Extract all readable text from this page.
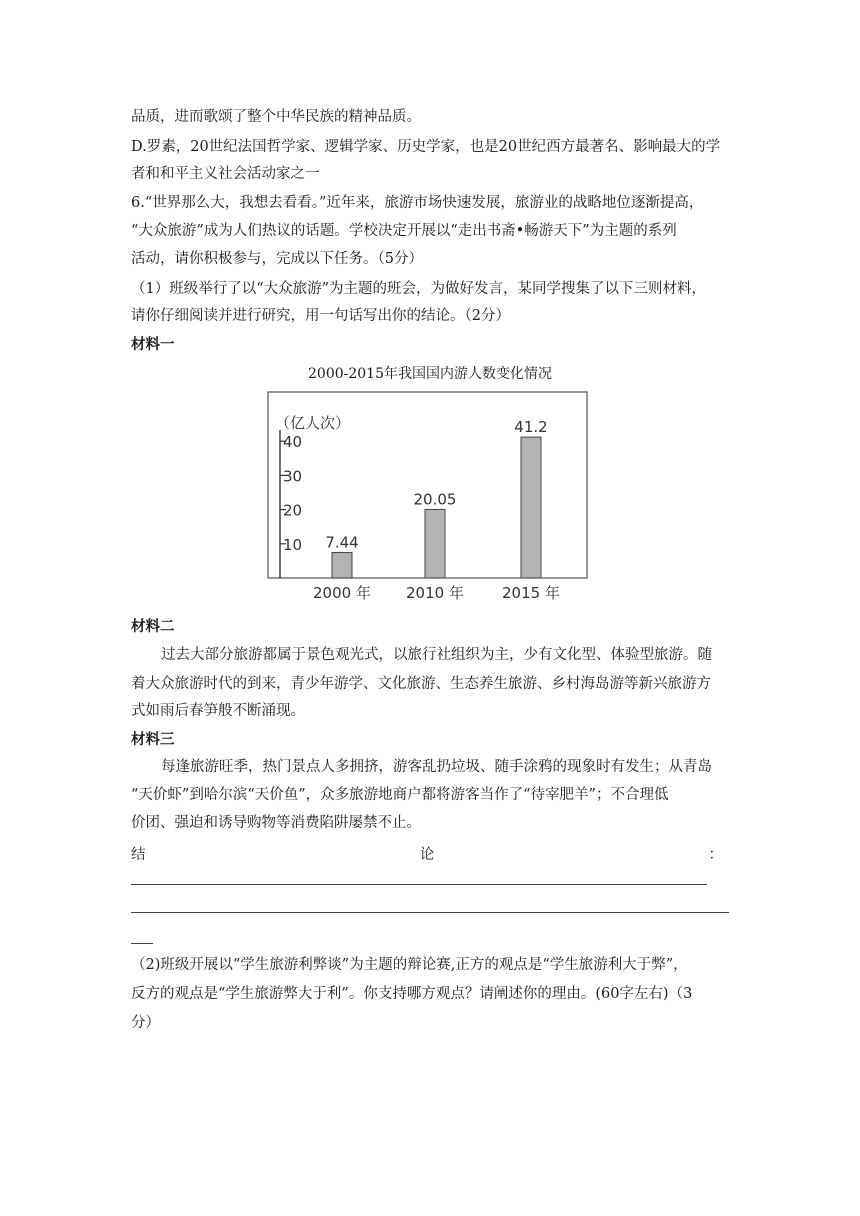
品质，进而歌颂了整个中华民族的精神品质。
D.罗素，20世纪法国哲学家、逻辑学家、历史学家，也是20世纪西方最著名、影响最大的学
者和和平主义社会活动家之一
6.“世界那么大，我想去看看。”近年来，旅游市场快速发展，旅游业的战略地位逐渐提高，
“大众旅游”成为人们热议的话题。学校决定开展以“走出书斋•畅游天下”为主题的系列
活动，请你积极参与，完成以下任务。（5分）
（1）班级举行了以“大众旅游”为主题的班会，为做好发言，某同学搜集了以下三则材料，
请你仔细阅读并进行研究，用一句话写出你的结论。（2分）
材料一
2000-2015年我国国内游人数变化情况
（亿人次）
10
20
30
40
7.44
20.05
41.2
2000 年 2010 年	2015 年
材料二
过去大部分旅游都属于景色观光式，以旅行社组织为主，少有文化型、体验型旅游。随
着大众旅游时代的到来，青少年游学、文化旅游、生态养生旅游、乡村海岛游等新兴旅游方
式如雨后春笋般不断涌现。
材料三
每逢旅游旺季，热门景点人多拥挤，游客乱扔垃圾、随手涂鸦的现象时有发生；从青岛
“天价虾”到哈尔滨“天价鱼”，众多旅游地商户都将游客当作了“待宰肥羊”；不合理低
价团、强迫和诱导购物等消费陷阱屡禁不止。
结	论	：
（2)班级开展以“学生旅游利弊谈”为主题的辩论赛,正方的观点是“学生旅游利大于弊”，
反方的观点是“学生旅游弊大于利”。你支持哪方观点？请阐述你的理由。(60字左右)（3
分）
